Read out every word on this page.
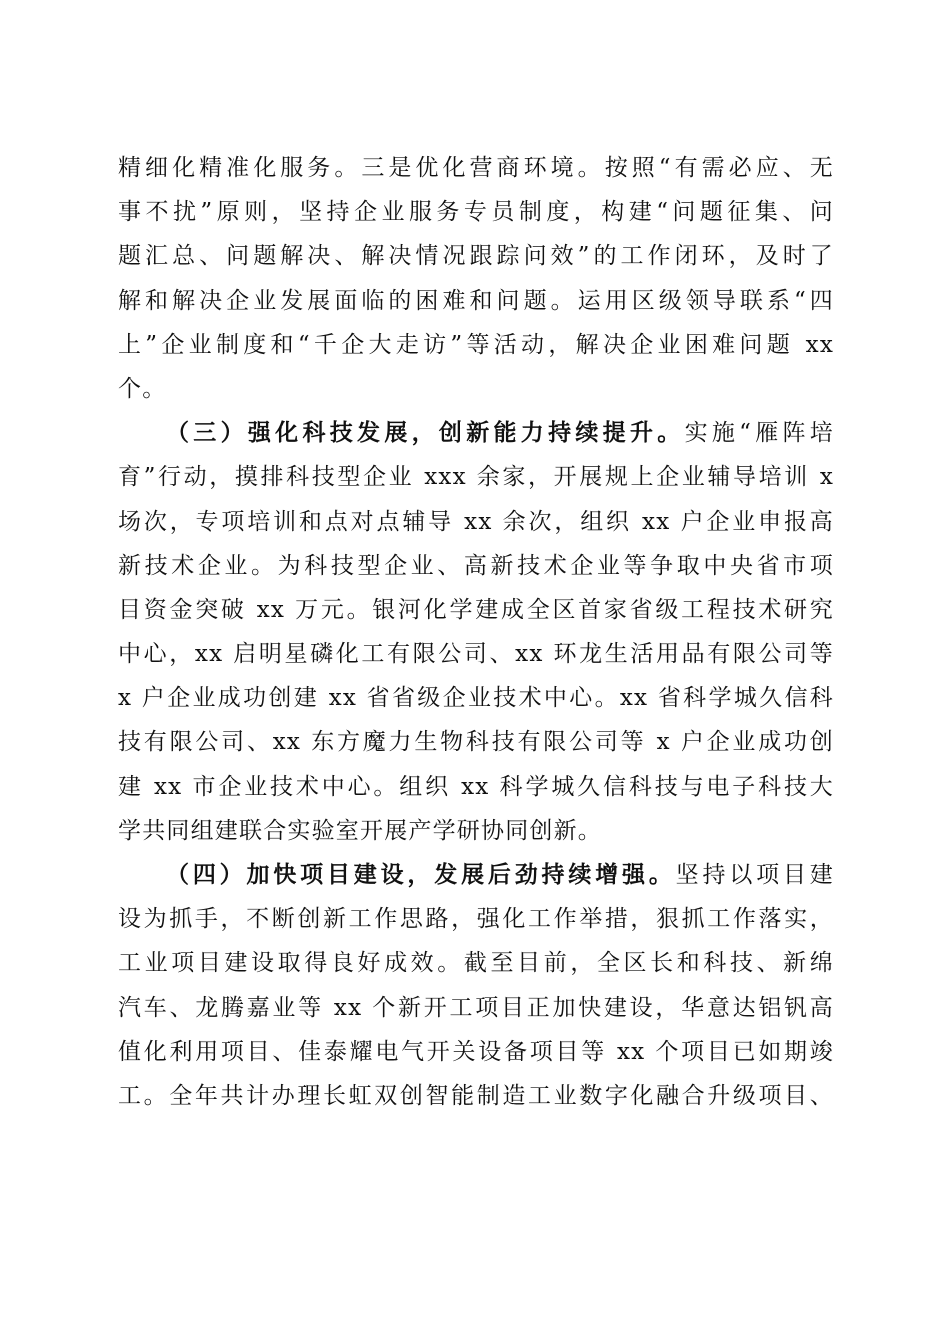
精细化精准化服务。三是优化营商环境。按照“有需必应、无
事不扰”原则，坚持企业服务专员制度，构建“问题征集、问
题汇总、问题解决、解决情况跟踪问效”的工作闭环，及时了
解和解决企业发展面临的困难和问题。运用区级领导联系“四
上”企业制度和“千企大走访”等活动，解决企业困难问题 xx
个。
（三）强化科技发展，创新能力持续提升。实施“雁阵培
育”行动，摸排科技型企业 xxx 余家，开展规上企业辅导培训 x
场次，专项培训和点对点辅导 xx 余次，组织 xx 户企业申报高
新技术企业。为科技型企业、高新技术企业等争取中央省市项
目资金突破 xx 万元。银河化学建成全区首家省级工程技术研究
中心，xx 启明星磷化工有限公司、xx 环龙生活用品有限公司等
x 户企业成功创建 xx 省省级企业技术中心。xx 省科学城久信科
技有限公司、xx 东方魔力生物科技有限公司等 x 户企业成功创
建 xx 市企业技术中心。组织 xx 科学城久信科技与电子科技大
学共同组建联合实验室开展产学研协同创新。
（四）加快项目建设，发展后劲持续增强。坚持以项目建
设为抓手，不断创新工作思路，强化工作举措，狠抓工作落实，
工业项目建设取得良好成效。截至目前，全区长和科技、新绵
汽车、龙腾嘉业等 xx 个新开工项目正加快建设，华意达铝钒高
值化利用项目、佳泰耀电气开关设备项目等 xx 个项目已如期竣
工。全年共计办理长虹双创智能制造工业数字化融合升级项目、
